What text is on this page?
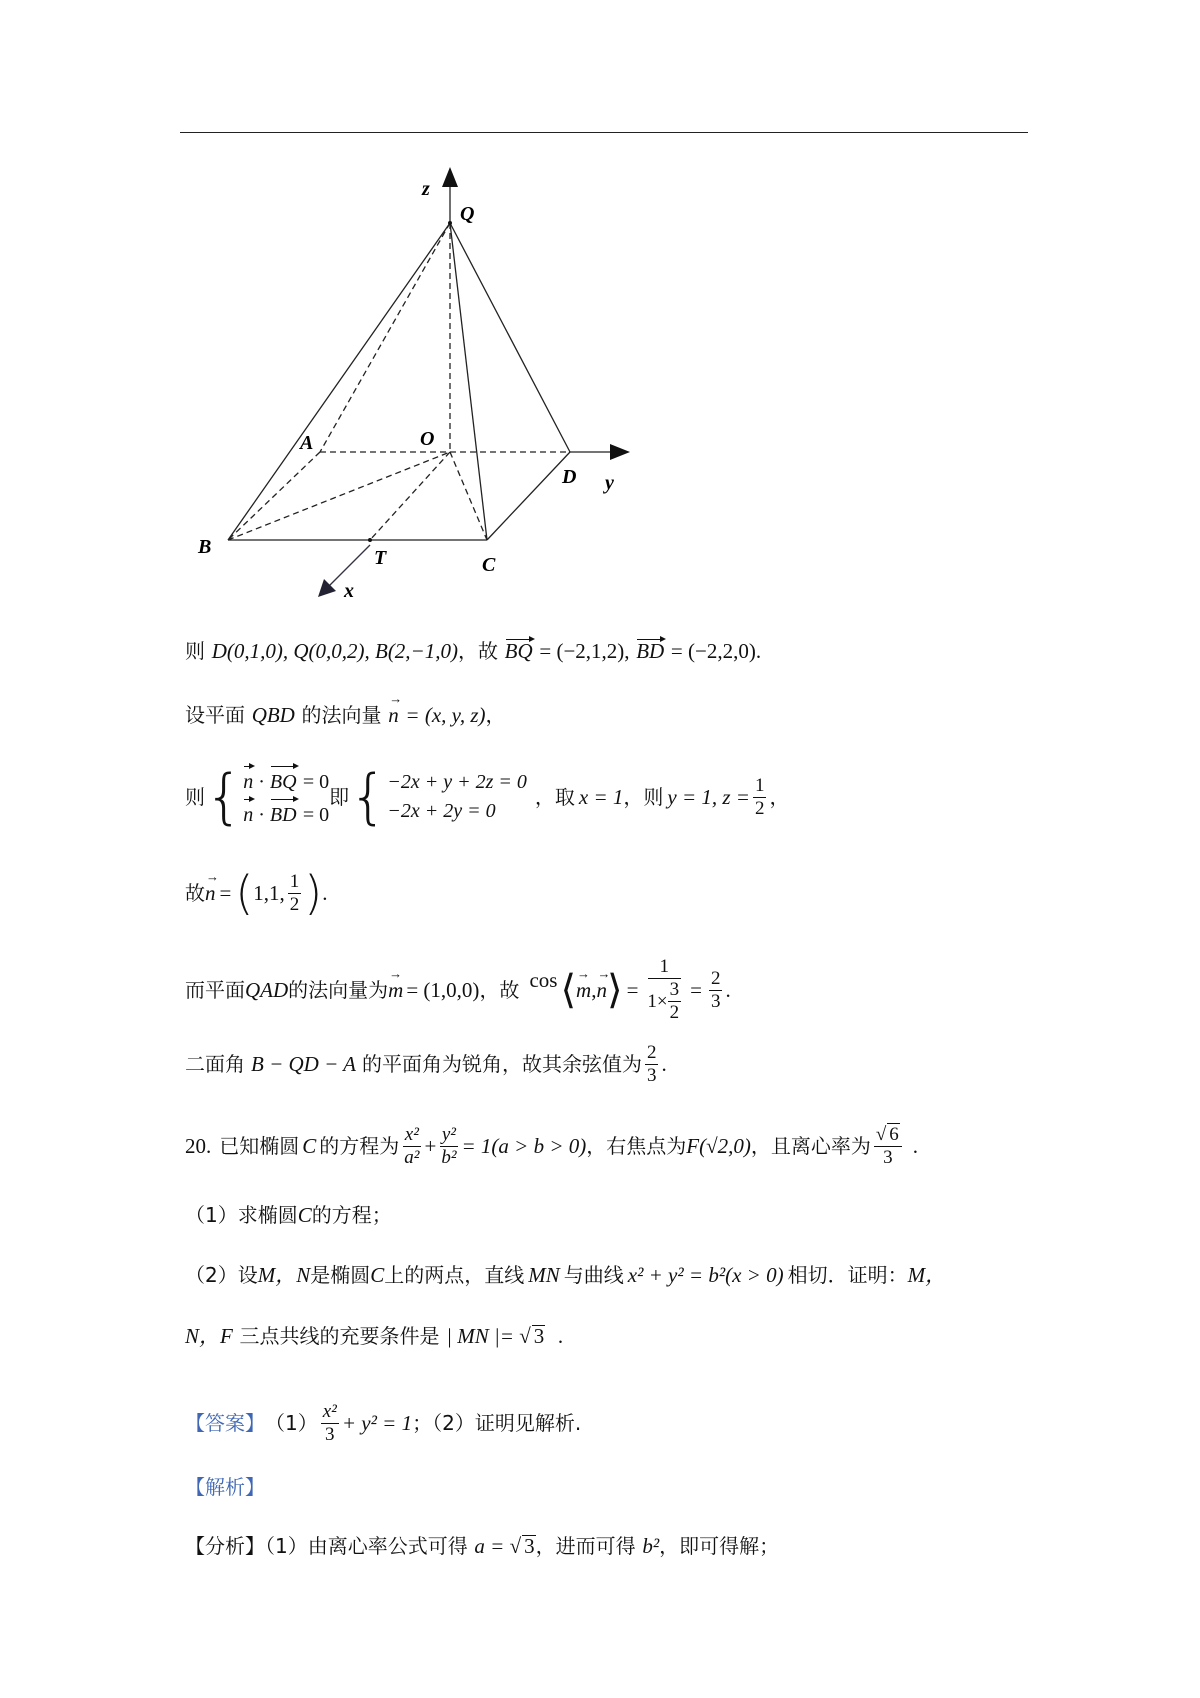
z
Q
A	O
D y
B	T	C
x
则 D(0,1,0), Q(0,0,2), B(2,−1,0)，故 BQ = (−2,1,2), BD = (−2,2,0).
设平面 QBD 的法向量 → n = (x, y, z)，
则 { n · BQ = 0
n · BD = 0
即 { −2x + y + 2z = 0
−2x + 2y = 0
，取 x = 1 ，则 y = 1, $z = \frac{1}{2}$ ，
故 → n = ( 1,1, $\frac{1}{2}$ ) .
而平面 QAD 的法向量为 → m = (1,0,0) ，故 cos ⟨ → m , → n ⟩ = $\frac{1}{1\times \frac{3}{2}} = \frac{2}{3}$ .
二面角 B − QD − A 的平面角为锐角，故其余弦值为 $\frac{2}{3}$ .
20. 已知椭圆 C 的方程为 $\frac{\text{x²}}{\text{a²}} + \frac{\text{y²}}{\text{b²}} = 1(a > b > 0)$ ，右焦点为 F(√2,0) ，且离心率为 $\frac{√ 6}{3}$ .
（1）求椭圆C的方程；
（2）设M，N是椭圆C上的两点，直线 MN 与曲线 x² + y² = b²(x > 0) 相切．证明：M，
N，F 三点共线的充要条件是 | MN |= √ 3 .
【答案】 $(1) \frac{\text{x²}}{3} + y^2 = 1$ ；（2）证明见解析.
【解析】
【分析】（1）由离心率公式可得 a = √ 3，进而可得 b²，即可得解；
